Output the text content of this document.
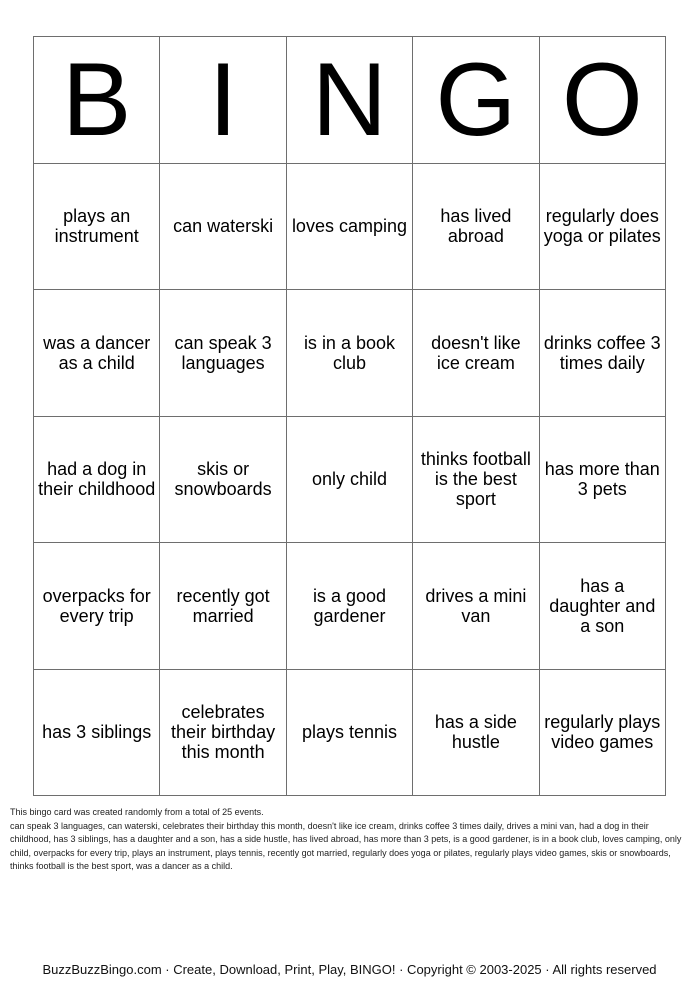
B	I	N	G	O
plays an instrument	can waterski	loves camping	has lived abroad	regularly does yoga or pilates
was a dancer as a child	can speak 3 languages	is in a book club	doesn't like ice cream	drinks coffee 3 times daily
had a dog in their childhood	skis or snowboards	only child	thinks football is the best sport	has more than 3 pets
overpacks for every trip	recently got married	is a good gardener	drives a mini van	has a daughter and a son
has 3 siblings	celebrates their birthday this month	plays tennis	has a side hustle	regularly plays video games

This bingo card was created randomly from a total of 25 events.

can speak 3 languages, can waterski, celebrates their birthday this month, doesn't like ice cream, drinks coffee 3 times daily, drives a mini van, had a dog in their childhood, has 3 siblings, has a daughter and a son, has a side hustle, has lived abroad, has more than 3 pets, is a good gardener, is in a book club, loves camping, only child, overpacks for every trip, plays an instrument, plays tennis, recently got married, regularly does yoga or pilates, regularly plays video games, skis or snowboards, thinks football is the best sport, was a dancer as a child.

BuzzBuzzBingo.com · Create, Download, Print, Play, BINGO! · Copyright © 2003-2025 · All rights reserved
